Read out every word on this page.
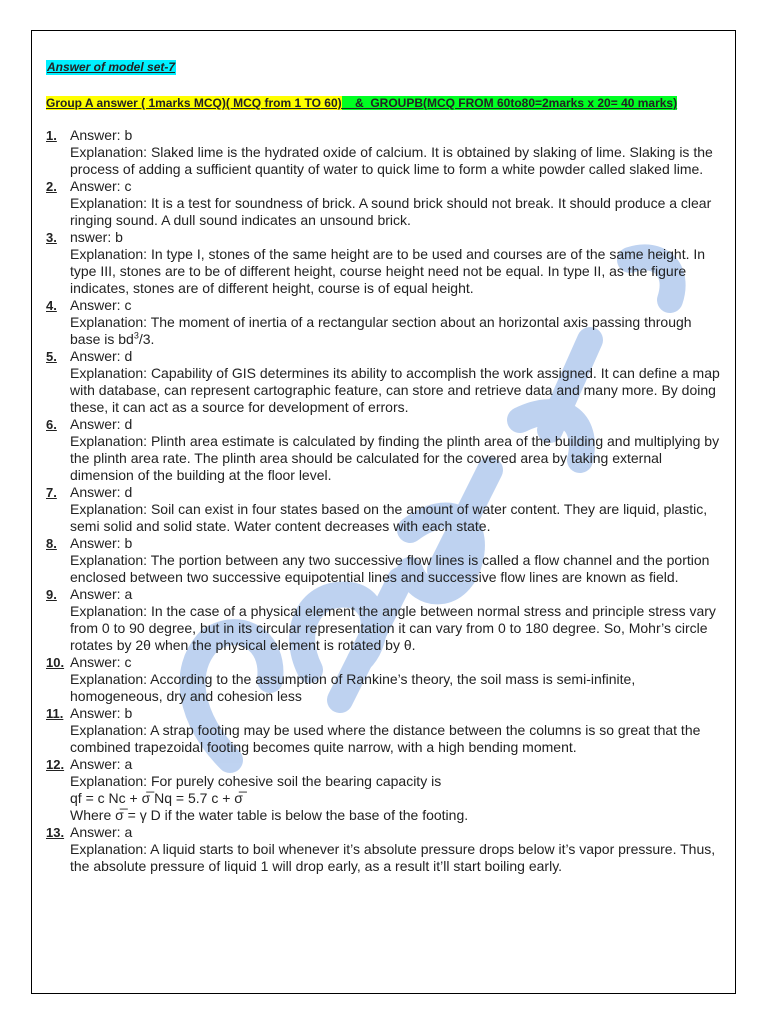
Answer of model set-7
Group A answer ( 1marks MCQ)( MCQ from 1 TO 60)__&_GROUPB(MCQ FROM 60to80=2marks x 20= 40 marks)
1. Answer: b
Explanation: Slaked lime is the hydrated oxide of calcium. It is obtained by slaking of lime. Slaking is the process of adding a sufficient quantity of water to quick lime to form a white powder called slaked lime.
2. Answer: c
Explanation: It is a test for soundness of brick. A sound brick should not break. It should produce a clear ringing sound. A dull sound indicates an unsound brick.
3. nswer: b
Explanation: In type I, stones of the same height are to be used and courses are of the same height. In type III, stones are to be of different height, course height need not be equal. In type II, as the figure indicates, stones are of different height, course is of equal height.
4. Answer: c
Explanation: The moment of inertia of a rectangular section about an horizontal axis passing through base is $bd^3/3$.
5. Answer: d
Explanation: Capability of GIS determines its ability to accomplish the work assigned. It can define a map with database, can represent cartographic feature, can store and retrieve data and many more. By doing these, it can act as a source for development of errors.
6. Answer: d
Explanation: Plinth area estimate is calculated by finding the plinth area of the building and multiplying by the plinth area rate. The plinth area should be calculated for the covered area by taking external dimension of the building at the floor level.
7. Answer: d
Explanation: Soil can exist in four states based on the amount of water content. They are liquid, plastic, semi solid and solid state. Water content decreases with each state.
8. Answer: b
Explanation: The portion between any two successive flow lines is called a flow channel and the portion enclosed between two successive equipotential lines and successive flow lines are known as field.
9. Answer: a
Explanation: In the case of a physical element the angle between normal stress and principle stress vary from 0 to 90 degree, but in its circular representation it can vary from 0 to 180 degree. So, Mohr’s circle rotates by 2θ when the physical element is rotated by θ.
10. Answer: c
Explanation: According to the assumption of Rankine’s theory, the soil mass is semi-infinite, homogeneous, dry and cohesion less
11. Answer: b
Explanation: A strap footing may be used where the distance between the columns is so great that the combined trapezoidal footing becomes quite narrow, with a high bending moment.
12. Answer: a
Explanation: For purely cohesive soil the bearing capacity is
qf = c Nc + σ̅ Nq = 5.7 c + σ̅
Where σ̅ = γ D if the water table is below the base of the footing.
13. Answer: a
Explanation: A liquid starts to boil whenever it’s absolute pressure drops below it’s vapor pressure. Thus, the absolute pressure of liquid 1 will drop early, as a result it’ll start boiling early.
